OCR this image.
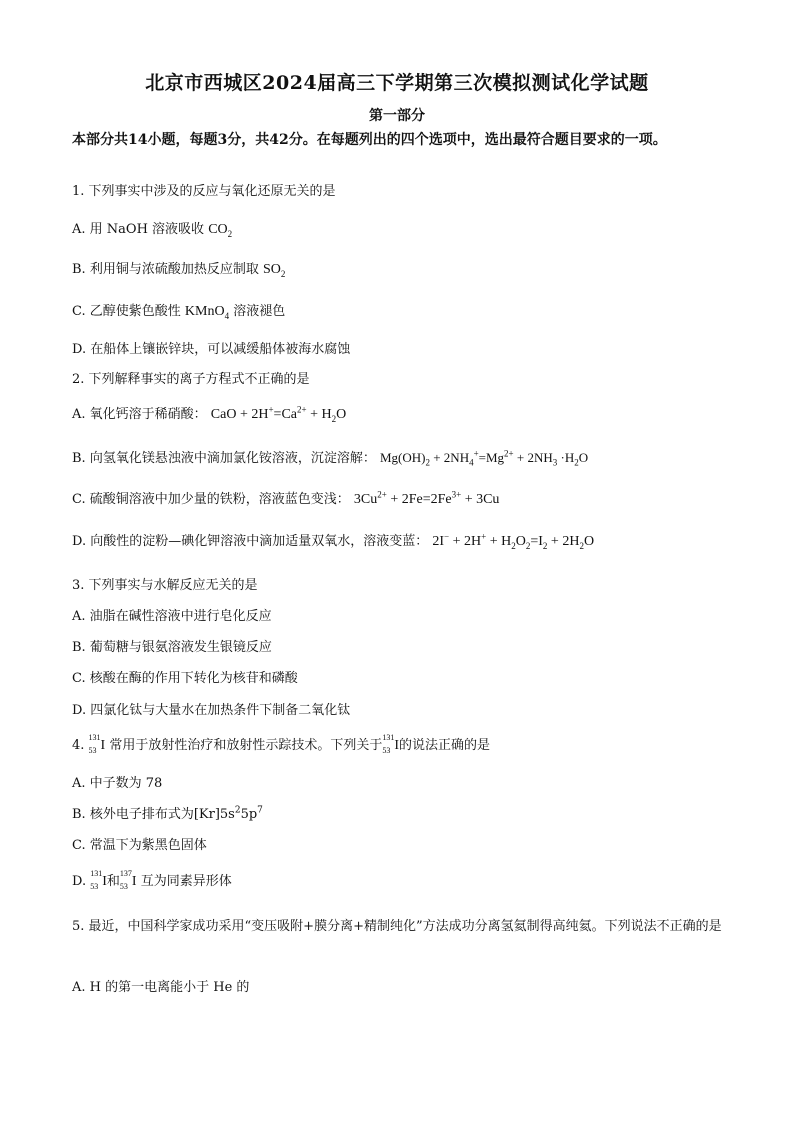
北京市西城区2024届高三下学期第三次模拟测试化学试题
第一部分
本部分共14小题，每题3分，共42分。在每题列出的四个选项中，选出最符合题目要求的一项。
1. 下列事实中涉及的反应与氧化还原无关的是
A. 用 NaOH 溶液吸收 $CO_2$
B. 利用铜与浓硫酸加热反应制取 $SO_2$
C. 乙醇使紫色酸性 KMnO$_4$ 溶液褪色
D. 在船体上镶嵌锌块，可以减缓船体被海水腐蚀
2. 下列解释事实的离子方程式不正确的是
A. 氧化钙溶于稀硝酸： CaO + $2H^+=Ca^{2+} + H_2O$
B. 向氢氧化镁悬浊液中滴加氯化铵溶液，沉淀溶解： $Mg(OH)_2 + 2NH_4^+=Mg^{2+} + 2NH_3 \cdot H_2O$
C. 硫酸铜溶液中加少量的铁粉，溶液蓝色变浅： $3Cu^{2+} + 2Fe=2Fe^{3+} + 3Cu$
D. 向酸性的淀粉—碘化钾溶液中滴加适量双氧水，溶液变蓝： $2I^- + 2H^+ + H_2O_2=I_2 + 2H_2O$
3. 下列事实与水解反应无关的是
A. 油脂在碱性溶液中进行皂化反应
B. 葡萄糖与银氨溶液发生银镜反应
C. 核酸在酶的作用下转化为核苷和磷酸
D. 四氯化钛与大量水在加热条件下制备二氧化钛
4.
131
53 I 常用于放射性治疗和放射性示踪技术。下列关于
131
53 I的说法正确的是
A. 中子数为 78
B. 核外电子排布式为$[Kr]5s^25p^7$
C. 常温下为紫黑色固体
D.
131
53 I和
137
53 I 互为同素异形体
5. 最近，中国科学家成功采用“变压吸附+膜分离+精制纯化”方法成功分离氢氦制得高纯氦。下列说法不正确的是
A. H 的第一电离能小于 He 的
